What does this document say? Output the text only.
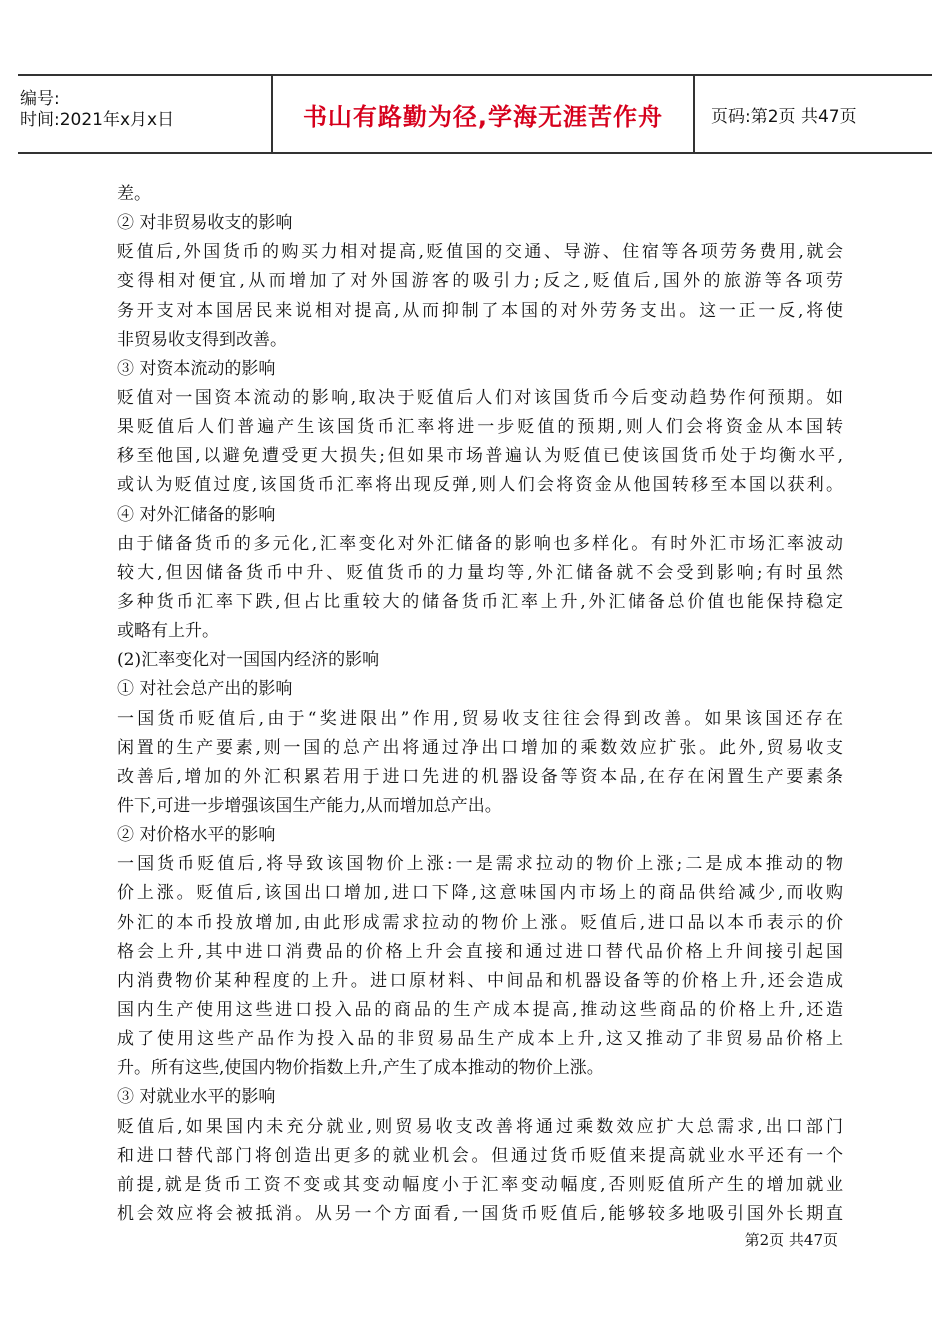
编号:
时间:2021年x月x日	书山有路勤为径,学海无涯苦作舟	页码:第2页 共47页
差。
② 对非贸易收支的影响
贬值后,外国货币的购买力相对提高,贬值国的交通、导游、住宿等各项劳务费用,就会
变得相对便宜,从而增加了对外国游客的吸引力;反之,贬值后,国外的旅游等各项劳
务开支对本国居民来说相对提高,从而抑制了本国的对外劳务支出。这一正一反,将使
非贸易收支得到改善。
③ 对资本流动的影响
贬值对一国资本流动的影响,取决于贬值后人们对该国货币今后变动趋势作何预期。如
果贬值后人们普遍产生该国货币汇率将进一步贬值的预期,则人们会将资金从本国转
移至他国,以避免遭受更大损失;但如果市场普遍认为贬值已使该国货币处于均衡水平,
或认为贬值过度,该国货币汇率将出现反弹,则人们会将资金从他国转移至本国以获利。
④ 对外汇储备的影响
由于储备货币的多元化,汇率变化对外汇储备的影响也多样化。有时外汇市场汇率波动
较大,但因储备货币中升、贬值货币的力量均等,外汇储备就不会受到影响;有时虽然
多种货币汇率下跌,但占比重较大的储备货币汇率上升,外汇储备总价值也能保持稳定
或略有上升。
(2)汇率变化对一国国内经济的影响
① 对社会总产出的影响
一国货币贬值后,由于“奖进限出”作用,贸易收支往往会得到改善。如果该国还存在
闲置的生产要素,则一国的总产出将通过净出口增加的乘数效应扩张。此外,贸易收支
改善后,增加的外汇积累若用于进口先进的机器设备等资本品,在存在闲置生产要素条
件下,可进一步增强该国生产能力,从而增加总产出。
② 对价格水平的影响
一国货币贬值后,将导致该国物价上涨:一是需求拉动的物价上涨;二是成本推动的物
价上涨。贬值后,该国出口增加,进口下降,这意味国内市场上的商品供给减少,而收购
外汇的本币投放增加,由此形成需求拉动的物价上涨。贬值后,进口品以本币表示的价
格会上升,其中进口消费品的价格上升会直接和通过进口替代品价格上升间接引起国
内消费物价某种程度的上升。进口原材料、中间品和机器设备等的价格上升,还会造成
国内生产使用这些进口投入品的商品的生产成本提高,推动这些商品的价格上升,还造
成了使用这些产品作为投入品的非贸易品生产成本上升,这又推动了非贸易品价格上
升。所有这些,使国内物价指数上升,产生了成本推动的物价上涨。
③ 对就业水平的影响
贬值后,如果国内未充分就业,则贸易收支改善将通过乘数效应扩大总需求,出口部门
和进口替代部门将创造出更多的就业机会。但通过货币贬值来提高就业水平还有一个
前提,就是货币工资不变或其变动幅度小于汇率变动幅度,否则贬值所产生的增加就业
机会效应将会被抵消。从另一个方面看,一国货币贬值后,能够较多地吸引国外长期直
第2页 共47页
